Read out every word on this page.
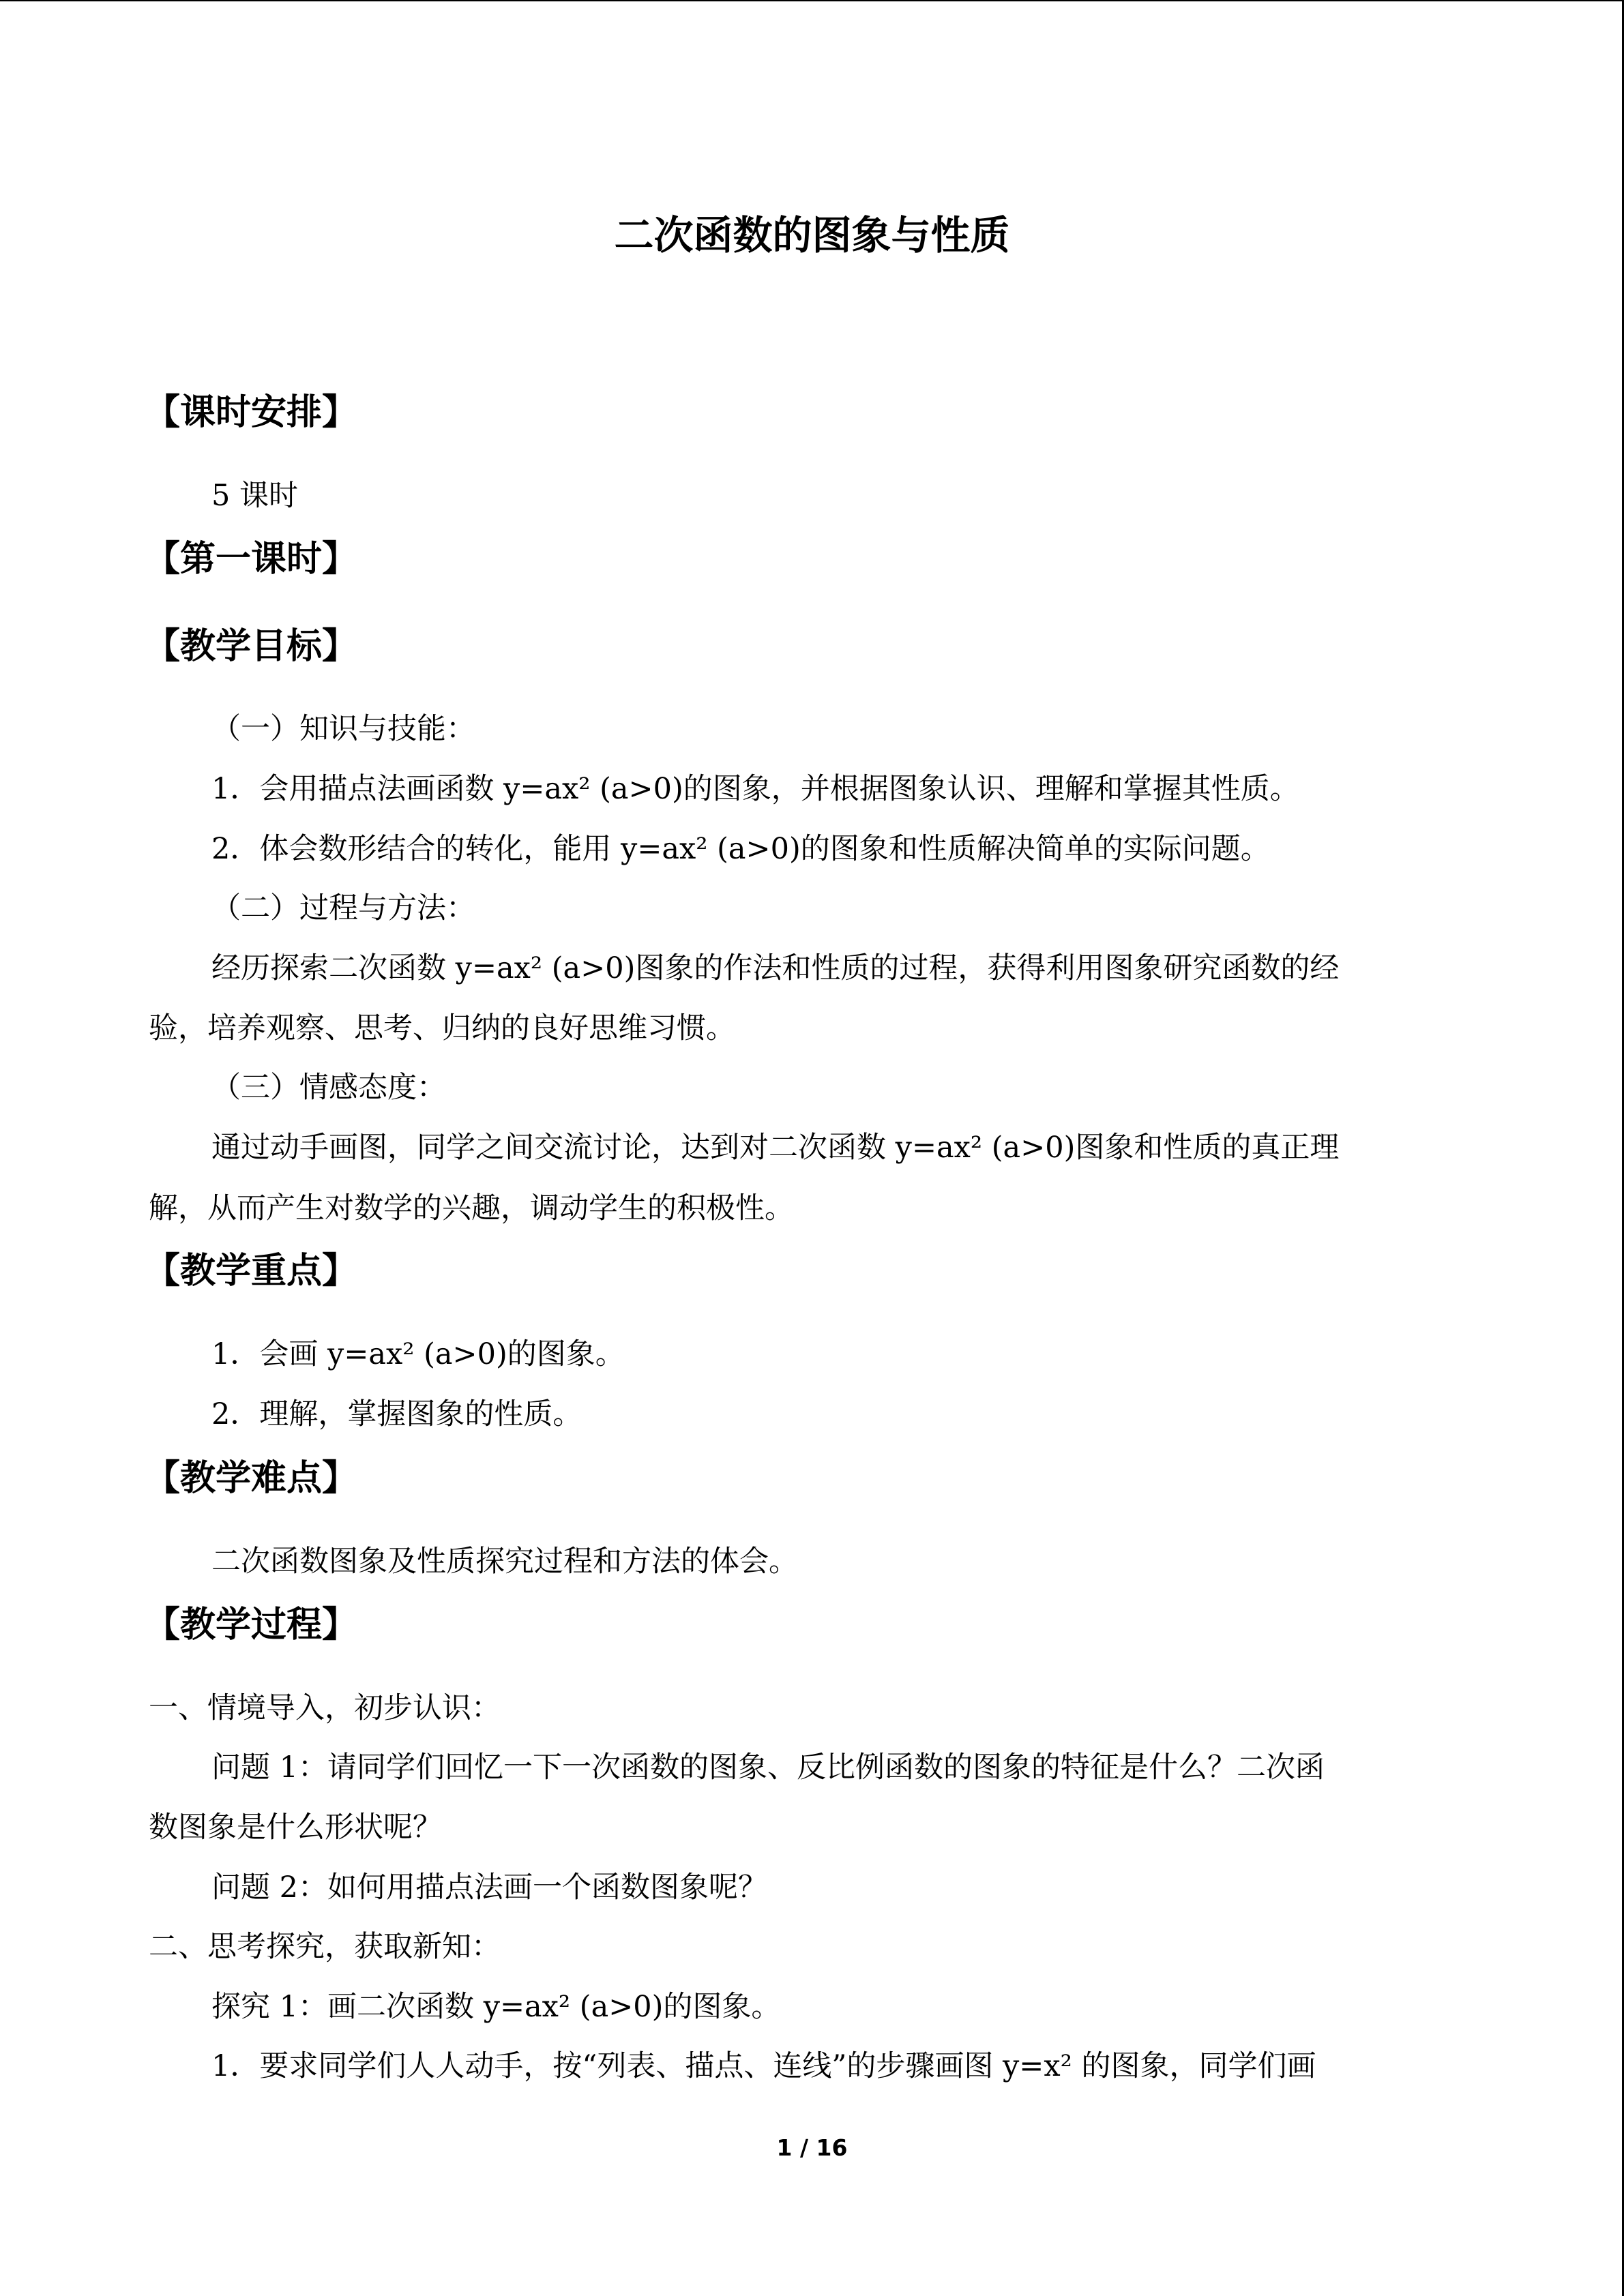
二次函数的图象与性质
【课时安排】
5 课时
【第一课时】
【教学目标】
（一）知识与技能：
1．会用描点法画函数 y=ax² (a>0)的图象，并根据图象认识、理解和掌握其性质。
2．体会数形结合的转化，能用 y=ax² (a>0)的图象和性质解决简单的实际问题。
（二）过程与方法：
经历探索二次函数 y=ax² (a>0)图象的作法和性质的过程，获得利用图象研究函数的经
验，培养观察、思考、归纳的良好思维习惯。
（三）情感态度：
通过动手画图，同学之间交流讨论，达到对二次函数 y=ax² (a>0)图象和性质的真正理
解，从而产生对数学的兴趣，调动学生的积极性。
【教学重点】
1．会画 y=ax² (a>0)的图象。
2．理解，掌握图象的性质。
【教学难点】
二次函数图象及性质探究过程和方法的体会。
【教学过程】
一、情境导入，初步认识：
问题 1：请同学们回忆一下一次函数的图象、反比例函数的图象的特征是什么？二次函
数图象是什么形状呢？
问题 2：如何用描点法画一个函数图象呢？
二、思考探究，获取新知：
探究 1：画二次函数 y=ax² (a>0)的图象。
1．要求同学们人人动手，按“列表、描点、连线”的步骤画图 y=x² 的图象，同学们画
1 / 16
